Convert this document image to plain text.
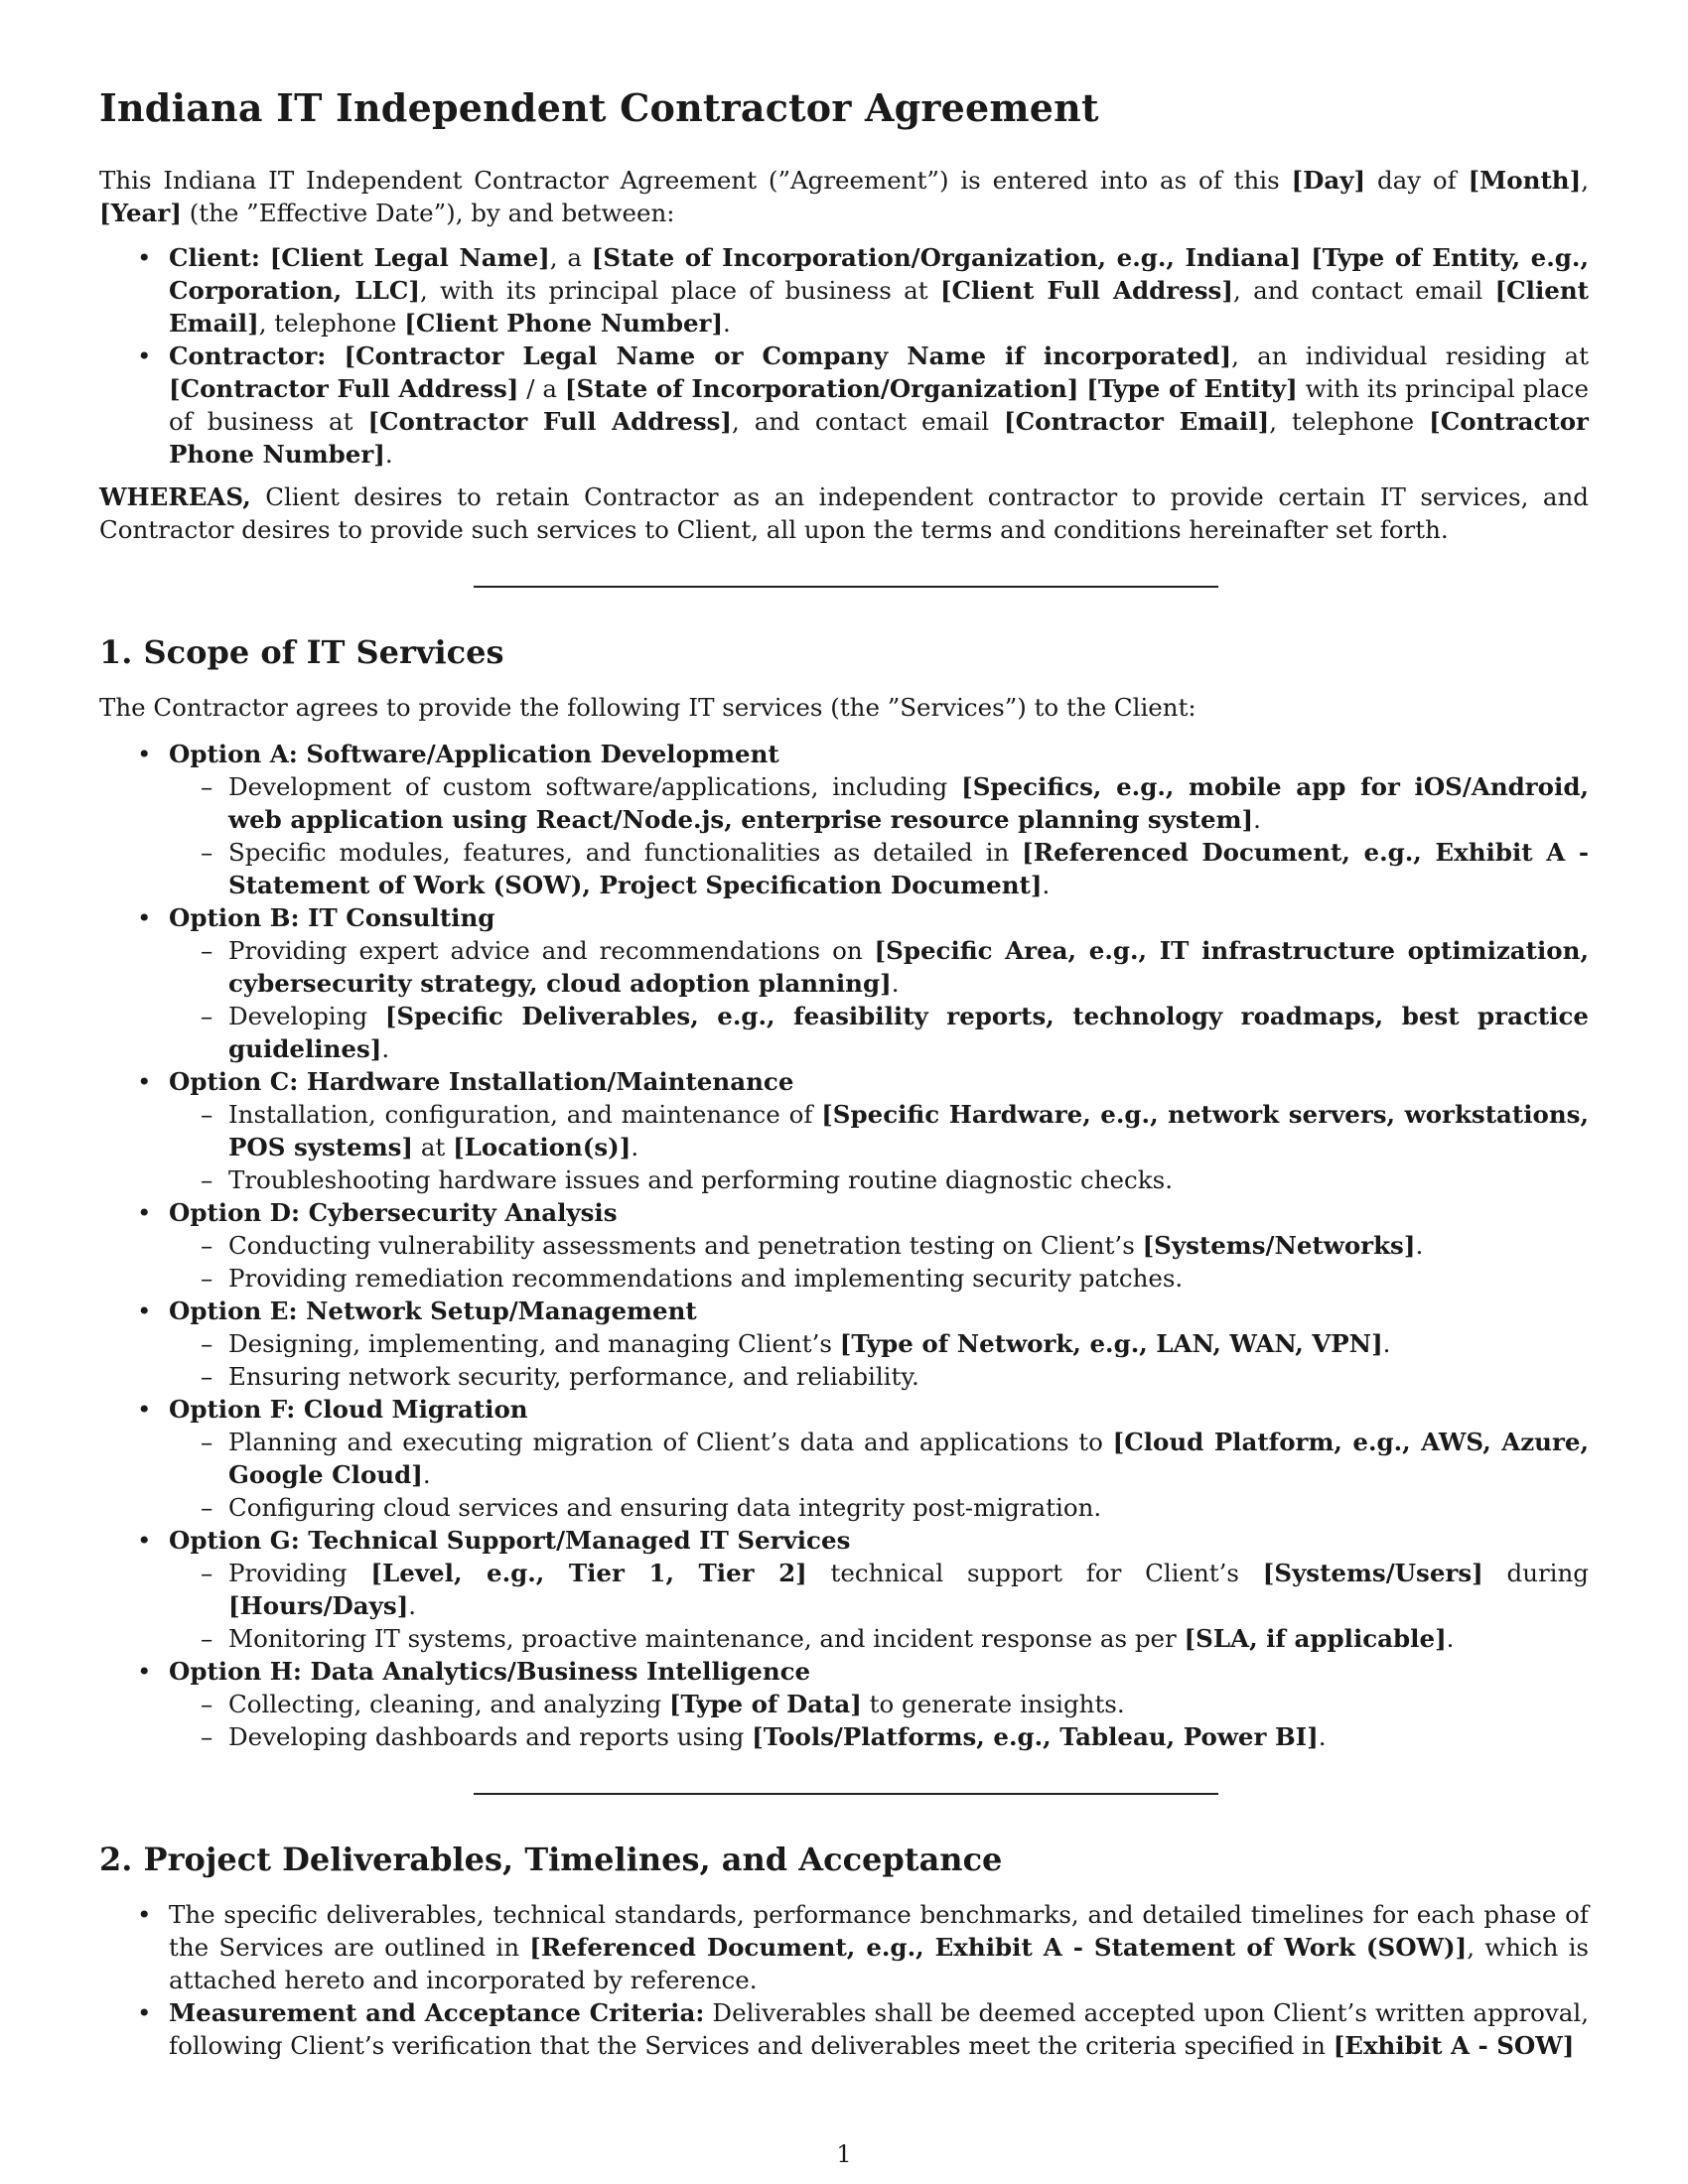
Indiana IT Independent Contractor Agreement

This Indiana IT Independent Contractor Agreement (”Agreement”) is entered into as of this [Day] day of [Month], [Year] (the ”Effective Date”), by and between:

• Client: [Client Legal Name], a [State of Incorporation/Organization, e.g., Indiana] [Type of Entity, e.g., Corporation, LLC], with its principal place of business at [Client Full Address], and contact email [Client Email], telephone [Client Phone Number].
• Contractor: [Contractor Legal Name or Company Name if incorporated], an individual residing at [Contractor Full Address] / a [State of Incorporation/Organization] [Type of Entity] with its principal place of business at [Contractor Full Address], and contact email [Contractor Email], telephone [Contractor Phone Number].

WHEREAS, Client desires to retain Contractor as an independent contractor to provide certain IT services, and Contractor desires to provide such services to Client, all upon the terms and conditions hereinafter set forth.

1. Scope of IT Services

The Contractor agrees to provide the following IT services (the ”Services”) to the Client:

• Option A: Software/Application Development
– Development of custom software/applications, including [Specifics, e.g., mobile app for iOS/Android, web application using React/Node.js, enterprise resource planning system].
– Specific modules, features, and functionalities as detailed in [Referenced Document, e.g., Exhibit A - Statement of Work (SOW), Project Specification Document].
• Option B: IT Consulting
– Providing expert advice and recommendations on [Specific Area, e.g., IT infrastructure optimization, cybersecurity strategy, cloud adoption planning].
– Developing [Specific Deliverables, e.g., feasibility reports, technology roadmaps, best practice guidelines].
• Option C: Hardware Installation/Maintenance
– Installation, configuration, and maintenance of [Specific Hardware, e.g., network servers, workstations, POS systems] at [Location(s)].
– Troubleshooting hardware issues and performing routine diagnostic checks.
• Option D: Cybersecurity Analysis
– Conducting vulnerability assessments and penetration testing on Client’s [Systems/Networks].
– Providing remediation recommendations and implementing security patches.
• Option E: Network Setup/Management
– Designing, implementing, and managing Client’s [Type of Network, e.g., LAN, WAN, VPN].
– Ensuring network security, performance, and reliability.
• Option F: Cloud Migration
– Planning and executing migration of Client’s data and applications to [Cloud Platform, e.g., AWS, Azure, Google Cloud].
– Configuring cloud services and ensuring data integrity post-migration.
• Option G: Technical Support/Managed IT Services
– Providing [Level, e.g., Tier 1, Tier 2] technical support for Client’s [Systems/Users] during [Hours/Days].
– Monitoring IT systems, proactive maintenance, and incident response as per [SLA, if applicable].
• Option H: Data Analytics/Business Intelligence
– Collecting, cleaning, and analyzing [Type of Data] to generate insights.
– Developing dashboards and reports using [Tools/Platforms, e.g., Tableau, Power BI].
2. Project Deliverables, Timelines, and Acceptance
• The specific deliverables, technical standards, performance benchmarks, and detailed timelines for each phase of the Services are outlined in [Referenced Document, e.g., Exhibit A - Statement of Work (SOW)], which is attached hereto and incorporated by reference.
• Measurement and Acceptance Criteria: Deliverables shall be deemed accepted upon Client’s written approval, following Client’s verification that the Services and deliverables meet the criteria specified in [Exhibit A - SOW]
1
